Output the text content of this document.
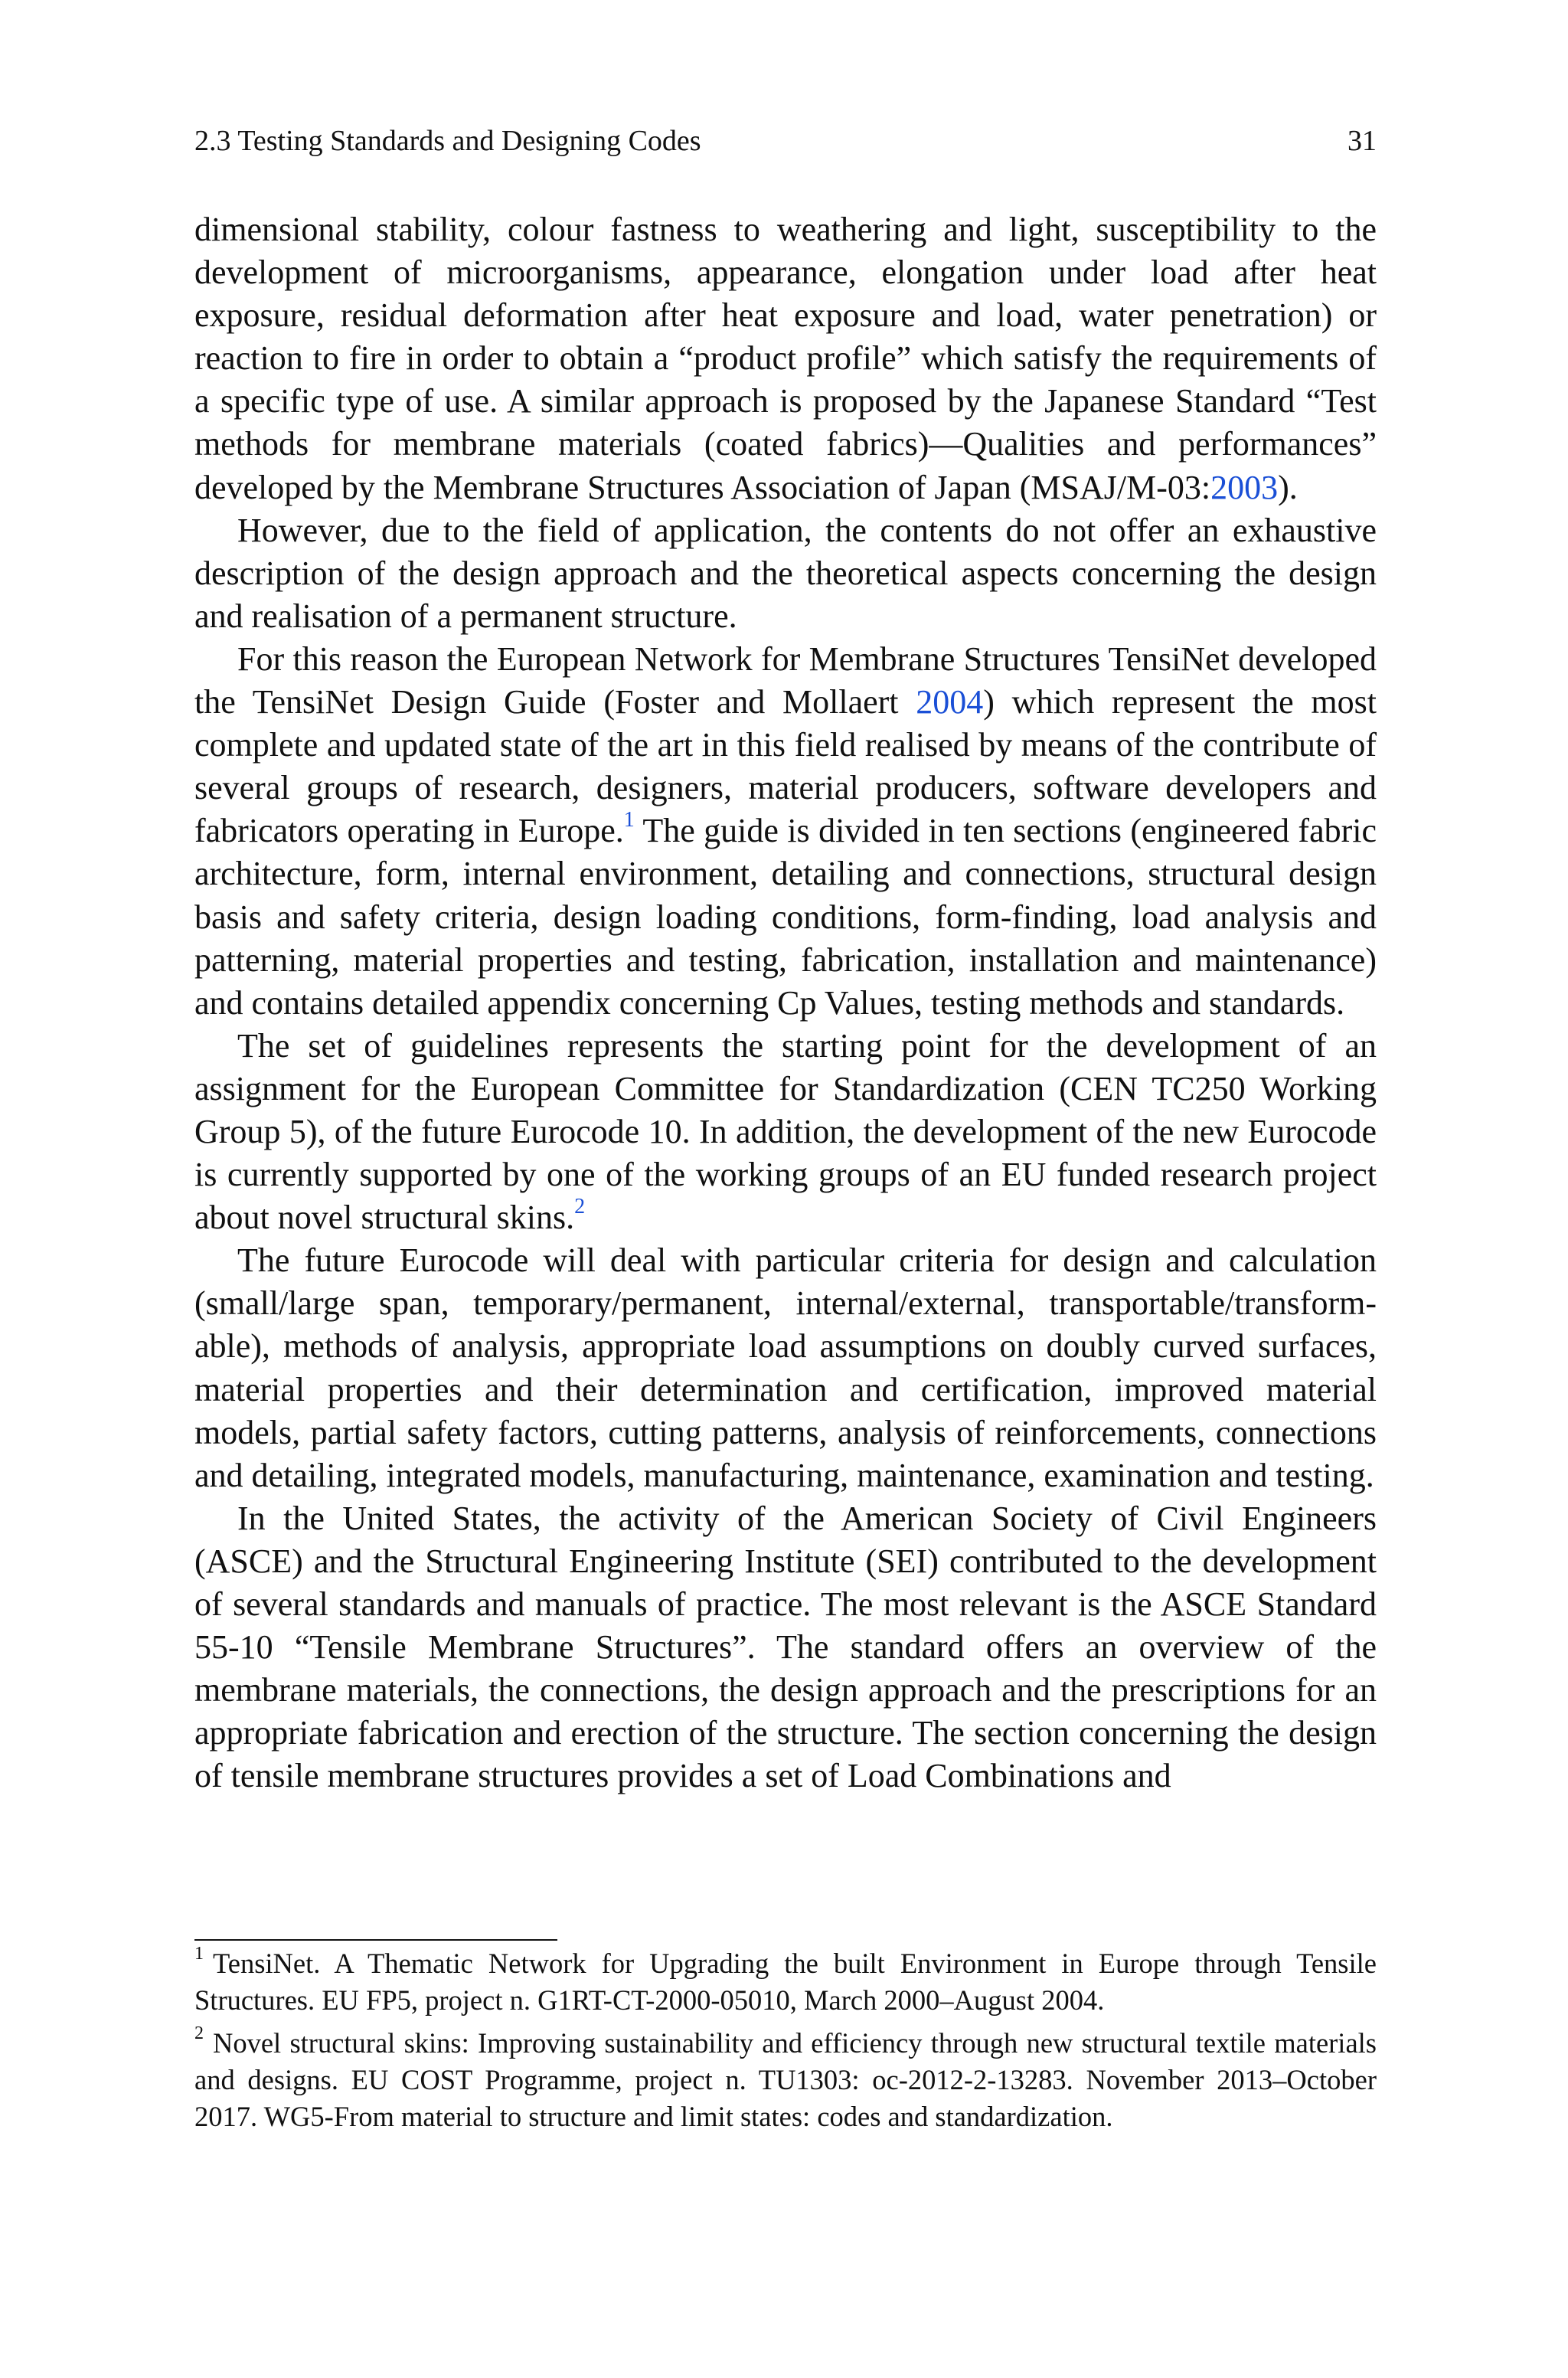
2.3 Testing Standards and Designing Codes	31

dimensional stability, colour fastness to weathering and light, susceptibility to the development of microorganisms, appearance, elongation under load after heat exposure, residual deformation after heat exposure and load, water penetration) or reaction to fire in order to obtain a “product profile” which satisfy the requirements of a specific type of use. A similar approach is proposed by the Japanese Standard “Test methods for membrane materials (coated fabrics)—Qualities and performances” developed by the Membrane Structures Association of Japan (MSAJ/M-03:2003).

However, due to the field of application, the contents do not offer an exhaustive description of the design approach and the theoretical aspects concerning the design and realisation of a permanent structure.

For this reason the European Network for Membrane Structures TensiNet developed the TensiNet Design Guide (Foster and Mollaert 2004) which represent the most complete and updated state of the art in this field realised by means of the contribute of several groups of research, designers, material producers, software developers and fabricators operating in Europe.$^1$ The guide is divided in ten sections (engineered fabric architecture, form, internal environment, detailing and connections, structural design basis and safety criteria, design loading conditions, form-finding, load analysis and patterning, material properties and testing, fabrication, installation and maintenance) and contains detailed appendix concerning Cp Values, testing methods and standards.

The set of guidelines represents the starting point for the development of an assignment for the European Committee for Standardization (CEN TC250 Working Group 5), of the future Eurocode 10. In addition, the development of the new Eurocode is currently supported by one of the working groups of an EU funded research project about novel structural skins.$^2$

The future Eurocode will deal with particular criteria for design and calculation (small/large span, temporary/permanent, internal/external, transportable/transformable), methods of analysis, appropriate load assumptions on doubly curved surfaces, material properties and their determination and certification, improved material models, partial safety factors, cutting patterns, analysis of reinforcements, connections and detailing, integrated models, manufacturing, maintenance, examination and testing.

In the United States, the activity of the American Society of Civil Engineers (ASCE) and the Structural Engineering Institute (SEI) contributed to the development of several standards and manuals of practice. The most relevant is the ASCE Standard 55-10 “Tensile Membrane Structures”. The standard offers an overview of the membrane materials, the connections, the design approach and the prescriptions for an appropriate fabrication and erection of the structure. The section concerning the design of tensile membrane structures provides a set of Load Combinations and

$^1$ TensiNet. A Thematic Network for Upgrading the built Environment in Europe through Tensile Structures. EU FP5, project n. G1RT-CT-2000-05010, March 2000–August 2004.

$^2$ Novel structural skins: Improving sustainability and efficiency through new structural textile materials and designs. EU COST Programme, project n. TU1303: oc-2012-2-13283. November 2013–October 2017. WG5-From material to structure and limit states: codes and standardization.
